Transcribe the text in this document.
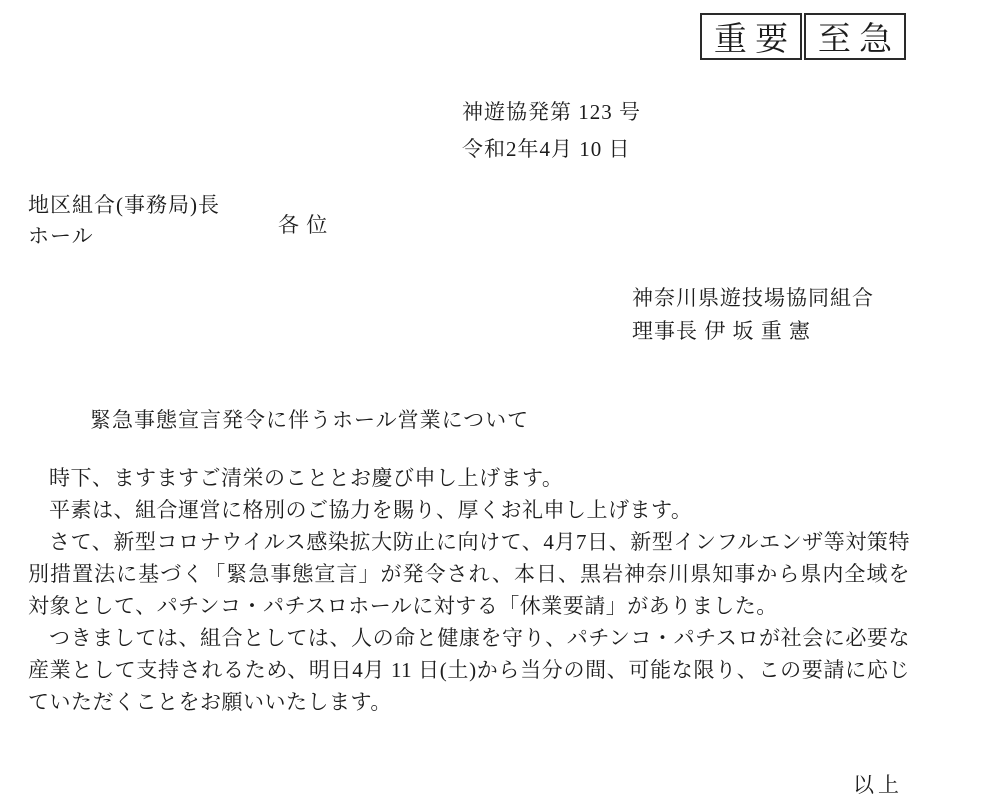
重 要 至 急
神遊協発第 123 号
令和2年4月 10 日
地区組合(事務局)長
ホール	各 位
神奈川県遊技場協同組合
理事長 伊 坂 重 憲
緊急事態宣言発令に伴うホール営業について

時下、ますますご清栄のこととお慶び申し上げます。

平素は、組合運営に格別のご協力を賜り、厚くお礼申し上げます。

さて、新型コロナウイルス感染拡大防止に向けて、4月7日、新型インフルエンザ等対策特別措置法に基づく「緊急事態宣言」が発令され、本日、黒岩神奈川県知事から県内全域を対象として、パチンコ・パチスロホールに対する「休業要請」がありました。

つきましては、組合としては、人の命と健康を守り、パチンコ・パチスロが社会に必要な産業として支持されるため、明日4月 11 日(土)から当分の間、可能な限り、この要請に応じていただくことをお願いいたします。

以上
